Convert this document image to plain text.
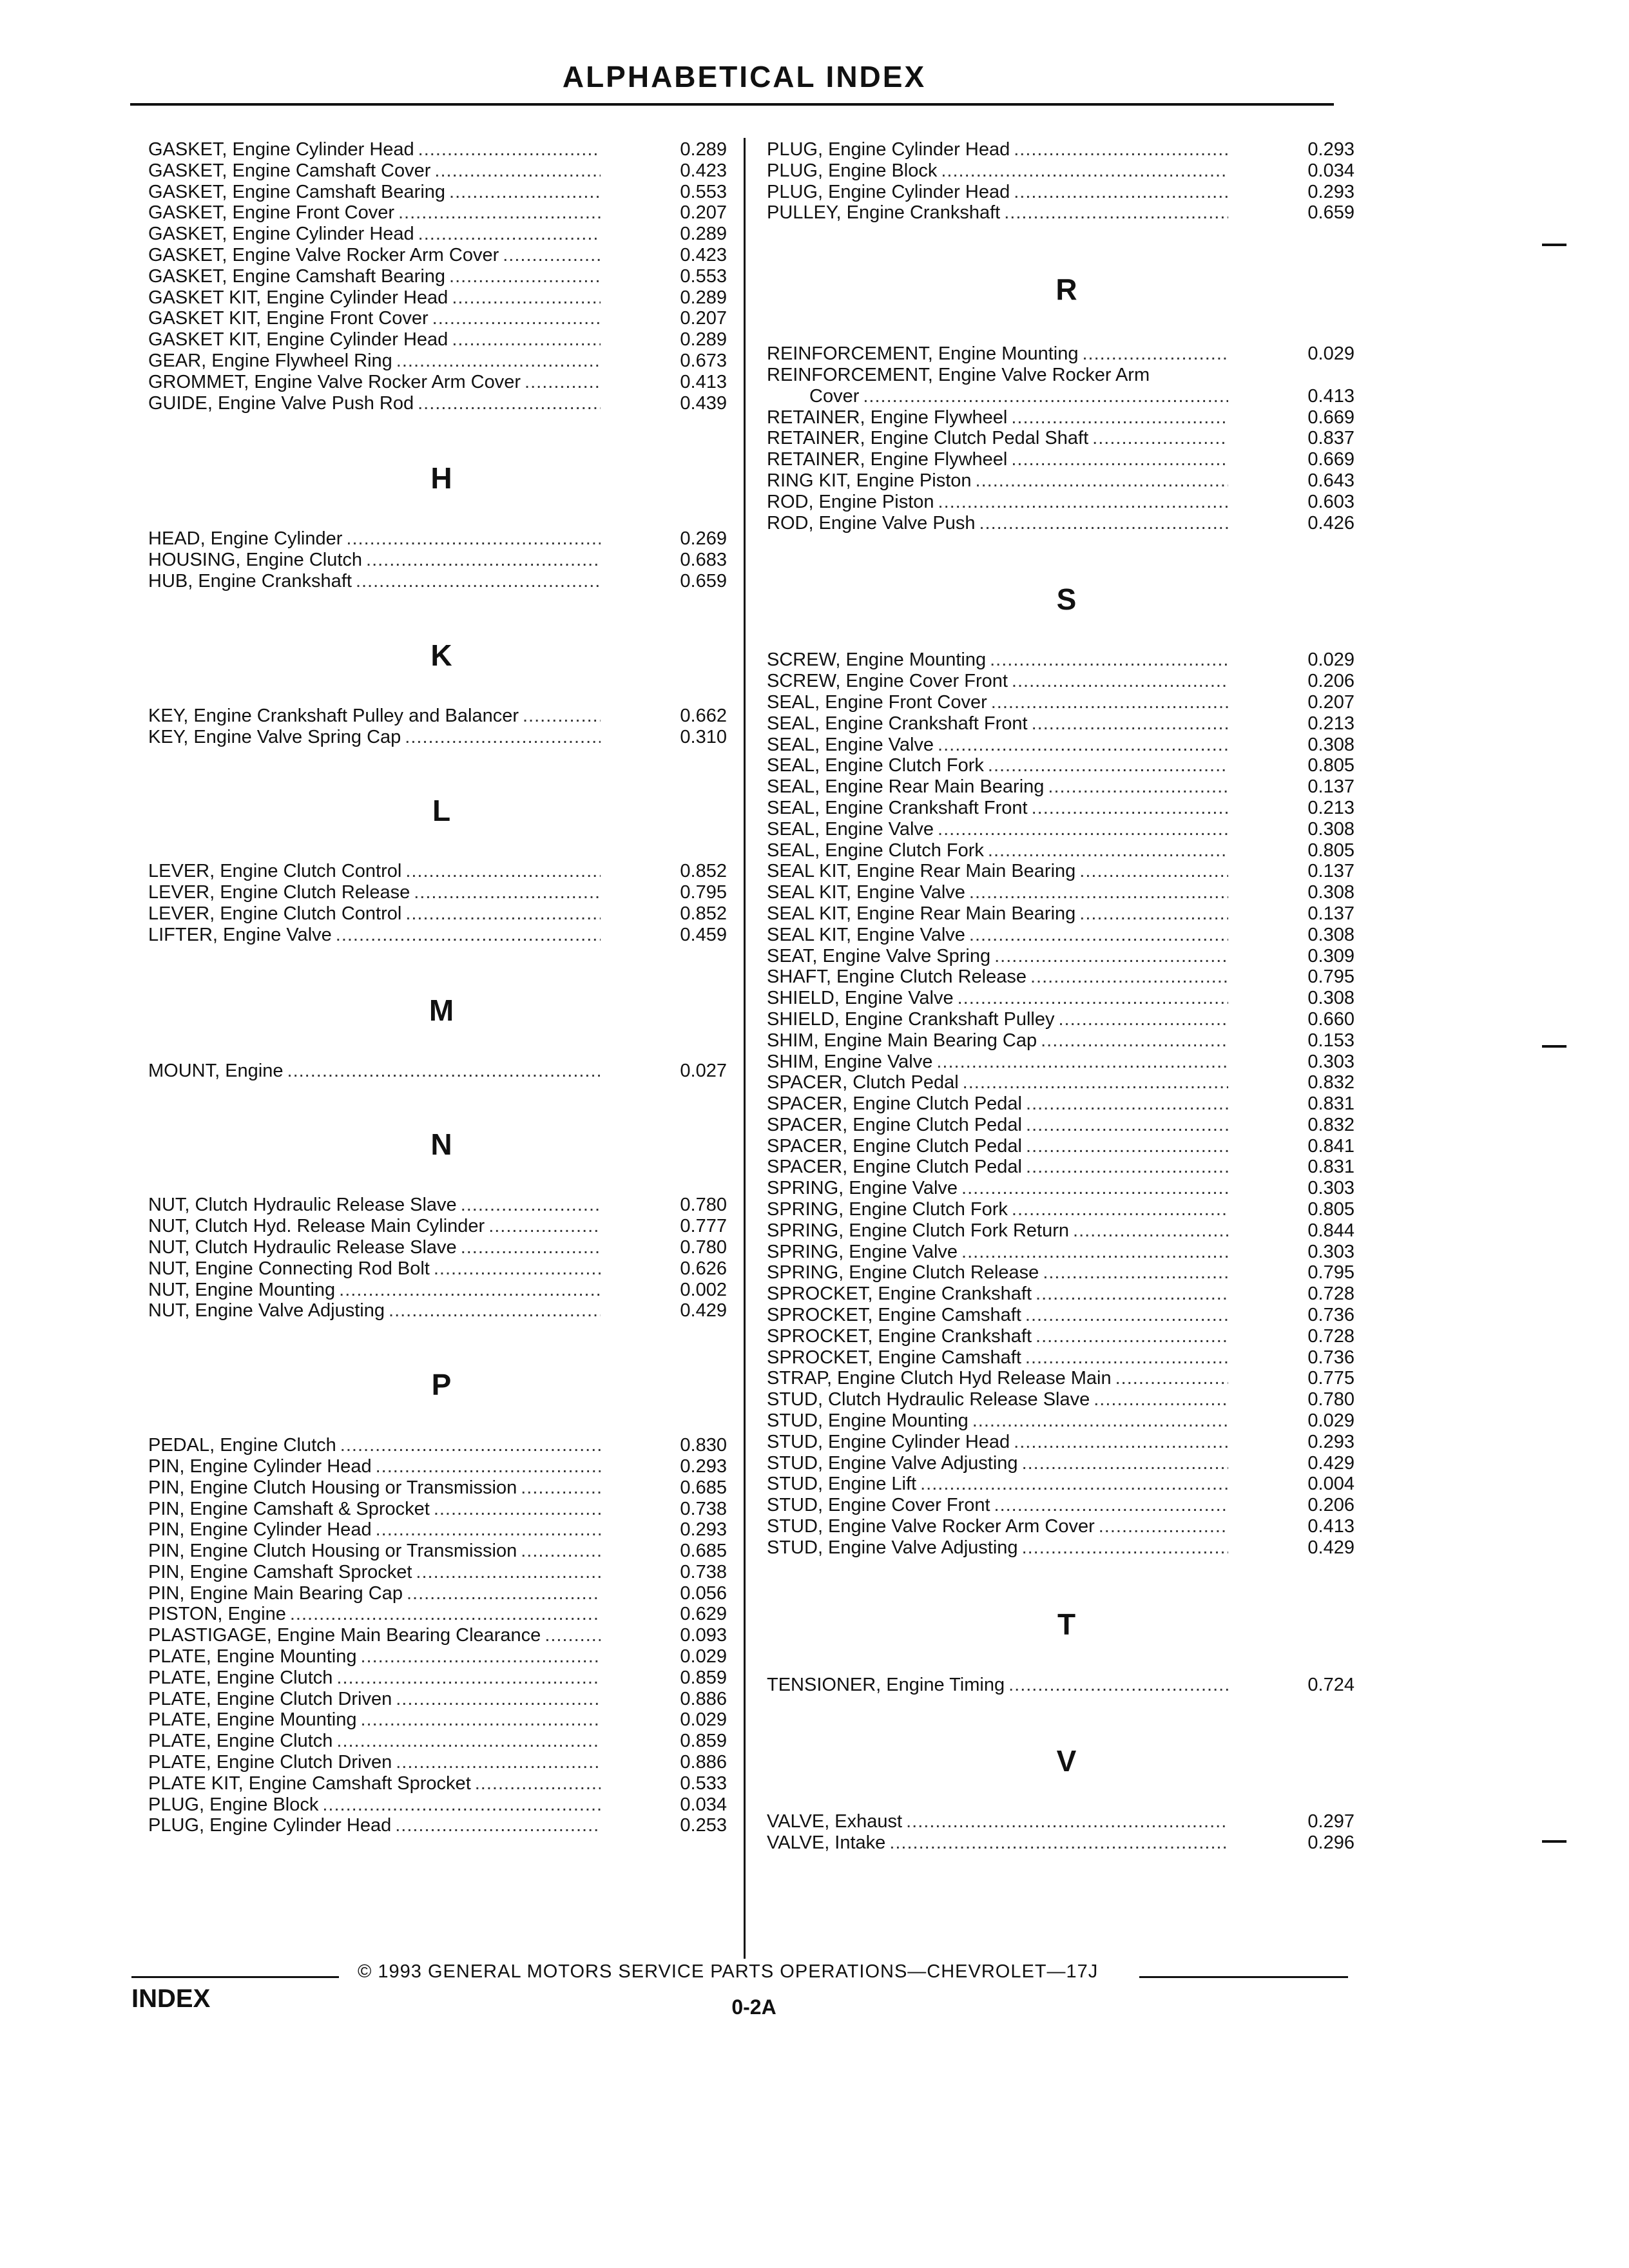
ALPHABETICAL INDEX
GASKET, Engine Cylinder Head .....	0.289
GASKET, Engine Camshaft Cover .....	0.423
GASKET, Engine Camshaft Bearing .....	0.553
GASKET, Engine Front Cover .....	0.207
GASKET, Engine Cylinder Head .....	0.289
GASKET, Engine Valve Rocker Arm Cover .....	0.423
GASKET, Engine Camshaft Bearing .....	0.553
GASKET KIT, Engine Cylinder Head .....	0.289
GASKET KIT, Engine Front Cover .....	0.207
GASKET KIT, Engine Cylinder Head .....	0.289
GEAR, Engine Flywheel Ring .....	0.673
GROMMET, Engine Valve Rocker Arm Cover .....	0.413
GUIDE, Engine Valve Push Rod .....	0.439
H
HEAD, Engine Cylinder .....	0.269
HOUSING, Engine Clutch .....	0.683
HUB, Engine Crankshaft .....	0.659
K
KEY, Engine Crankshaft Pulley and Balancer .....	0.662
KEY, Engine Valve Spring Cap .....	0.310
L
LEVER, Engine Clutch Control .....	0.852
LEVER, Engine Clutch Release .....	0.795
LEVER, Engine Clutch Control .....	0.852
LIFTER, Engine Valve .....	0.459
M
MOUNT, Engine .....	0.027
N
NUT, Clutch Hydraulic Release Slave .....	0.780
NUT, Clutch Hyd. Release Main Cylinder .....	0.777
NUT, Clutch Hydraulic Release Slave .....	0.780
NUT, Engine Connecting Rod Bolt .....	0.626
NUT, Engine Mounting .....	0.002
NUT, Engine Valve Adjusting .....	0.429
P
PEDAL, Engine Clutch .....	0.830
PIN, Engine Cylinder Head .....	0.293
PIN, Engine Clutch Housing or Transmission .....	0.685
PIN, Engine Camshaft & Sprocket .....	0.738
PIN, Engine Cylinder Head .....	0.293
PIN, Engine Clutch Housing or Transmission .....	0.685
PIN, Engine Camshaft Sprocket .....	0.738
PIN, Engine Main Bearing Cap .....	0.056
PISTON, Engine .....	0.629
PLASTIGAGE, Engine Main Bearing Clearance .....	0.093
PLATE, Engine Mounting .....	0.029
PLATE, Engine Clutch .....	0.859
PLATE, Engine Clutch Driven .....	0.886
PLATE, Engine Mounting .....	0.029
PLATE, Engine Clutch .....	0.859
PLATE, Engine Clutch Driven .....	0.886
PLATE KIT, Engine Camshaft Sprocket .....	0.533
PLUG, Engine Block .....	0.034
PLUG, Engine Cylinder Head .....	0.253
PLUG, Engine Cylinder Head .....	0.293
PLUG, Engine Block .....	0.034
PLUG, Engine Cylinder Head .....	0.293
PULLEY, Engine Crankshaft .....	0.659
R
REINFORCEMENT, Engine Mounting .....	0.029
REINFORCEMENT, Engine Valve Rocker Arm
Cover .....	0.413
RETAINER, Engine Flywheel .....	0.669
RETAINER, Engine Clutch Pedal Shaft .....	0.837
RETAINER, Engine Flywheel .....	0.669
RING KIT, Engine Piston .....	0.643
ROD, Engine Piston .....	0.603
ROD, Engine Valve Push .....	0.426
S
SCREW, Engine Mounting .....	0.029
SCREW, Engine Cover Front .....	0.206
SEAL, Engine Front Cover .....	0.207
SEAL, Engine Crankshaft Front .....	0.213
SEAL, Engine Valve .....	0.308
SEAL, Engine Clutch Fork .....	0.805
SEAL, Engine Rear Main Bearing .....	0.137
SEAL, Engine Crankshaft Front .....	0.213
SEAL, Engine Valve .....	0.308
SEAL, Engine Clutch Fork .....	0.805
SEAL KIT, Engine Rear Main Bearing .....	0.137
SEAL KIT, Engine Valve .....	0.308
SEAL KIT, Engine Rear Main Bearing .....	0.137
SEAL KIT, Engine Valve .....	0.308
SEAT, Engine Valve Spring .....	0.309
SHAFT, Engine Clutch Release .....	0.795
SHIELD, Engine Valve .....	0.308
SHIELD, Engine Crankshaft Pulley .....	0.660
SHIM, Engine Main Bearing Cap .....	0.153
SHIM, Engine Valve .....	0.303
SPACER, Clutch Pedal .....	0.832
SPACER, Engine Clutch Pedal .....	0.831
SPACER, Engine Clutch Pedal .....	0.832
SPACER, Engine Clutch Pedal .....	0.841
SPACER, Engine Clutch Pedal .....	0.831
SPRING, Engine Valve .....	0.303
SPRING, Engine Clutch Fork .....	0.805
SPRING, Engine Clutch Fork Return .....	0.844
SPRING, Engine Valve .....	0.303
SPRING, Engine Clutch Release .....	0.795
SPROCKET, Engine Crankshaft .....	0.728
SPROCKET, Engine Camshaft .....	0.736
SPROCKET, Engine Crankshaft .....	0.728
SPROCKET, Engine Camshaft .....	0.736
STRAP, Engine Clutch Hyd Release Main .....	0.775
STUD, Clutch Hydraulic Release Slave .....	0.780
STUD, Engine Mounting .....	0.029
STUD, Engine Cylinder Head .....	0.293
STUD, Engine Valve Adjusting .....	0.429
STUD, Engine Lift .....	0.004
STUD, Engine Cover Front .....	0.206
STUD, Engine Valve Rocker Arm Cover .....	0.413
STUD, Engine Valve Adjusting .....	0.429
T
TENSIONER, Engine Timing .....	0.724
V
VALVE, Exhaust .....	0.297
VALVE, Intake .....	0.296
© 1993 GENERAL MOTORS SERVICE PARTS OPERATIONS—CHEVROLET—17J
INDEX	0-2A
